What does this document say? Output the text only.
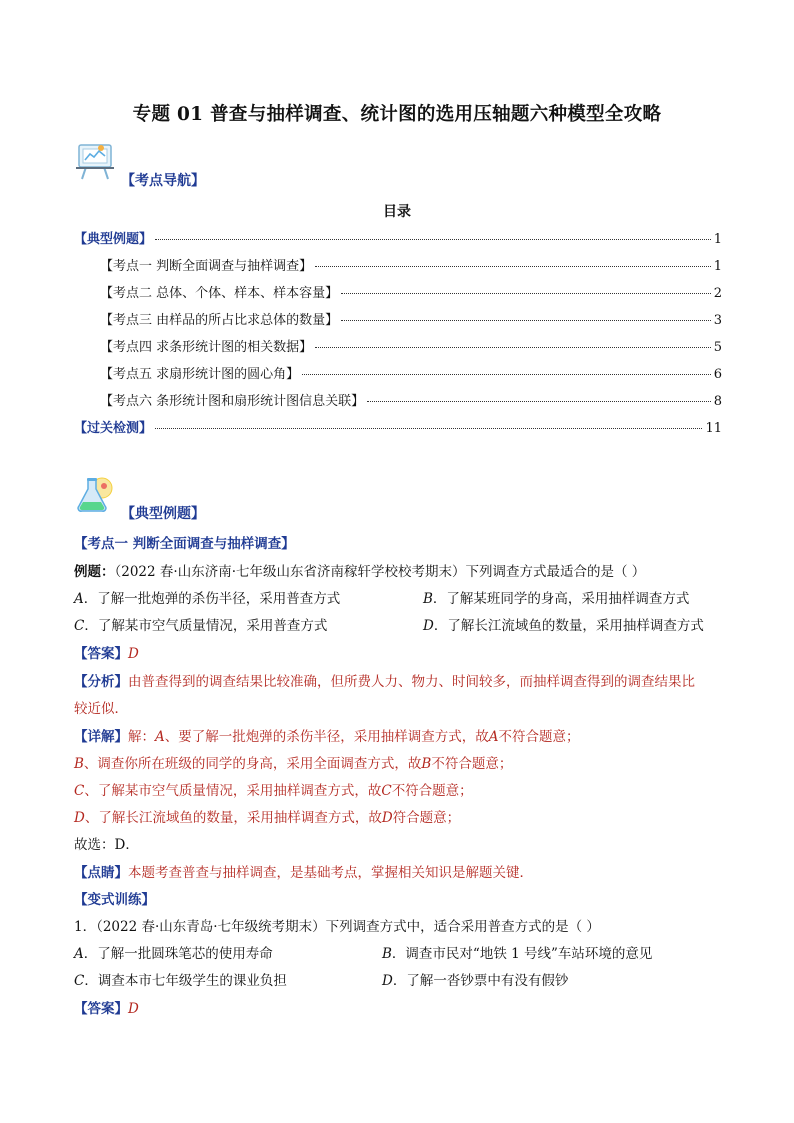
专题 01 普查与抽样调查、统计图的选用压轴题六种模型全攻略
【考点导航】
目录
【典型例题】	1
【考点一 判断全面调查与抽样调查】	1
【考点二 总体、个体、样本、样本容量】	2
【考点三 由样品的所占比求总体的数量】	3
【考点四 求条形统计图的相关数据】	5
【考点五 求扇形统计图的圆心角】	6
【考点六 条形统计图和扇形统计图信息关联】	8
【过关检测】	11
【典型例题】
【考点一 判断全面调查与抽样调查】
例题：（2022 春·山东济南·七年级山东省济南稼轩学校校考期末）下列调查方式最适合的是（ ）
A．了解一批炮弹的杀伤半径，采用普查方式	B．了解某班同学的身高，采用抽样调查方式
C．了解某市空气质量情况，采用普查方式	D．了解长江流域鱼的数量，采用抽样调查方式
【答案】D
【分析】由普查得到的调查结果比较准确，但所费人力、物力、时间较多，而抽样调查得到的调查结果比
较近似．
【详解】解：A、要了解一批炮弹的杀伤半径，采用抽样调查方式，故A不符合题意；
B、调查你所在班级的同学的身高，采用全面调查方式，故B不符合题意；
C、了解某市空气质量情况，采用抽样调查方式，故C不符合题意；
D、了解长江流域鱼的数量，采用抽样调查方式，故D符合题意；
故选：D．
【点睛】本题考查普查与抽样调查，是基础考点，掌握相关知识是解题关键．
【变式训练】
1．（2022 春·山东青岛·七年级统考期末）下列调查方式中，适合采用普查方式的是（ ）
A．了解一批圆珠笔芯的使用寿命	B．调查市民对“地铁 1 号线”车站环境的意见
C．调查本市七年级学生的课业负担	D．了解一沓钞票中有没有假钞
【答案】D
